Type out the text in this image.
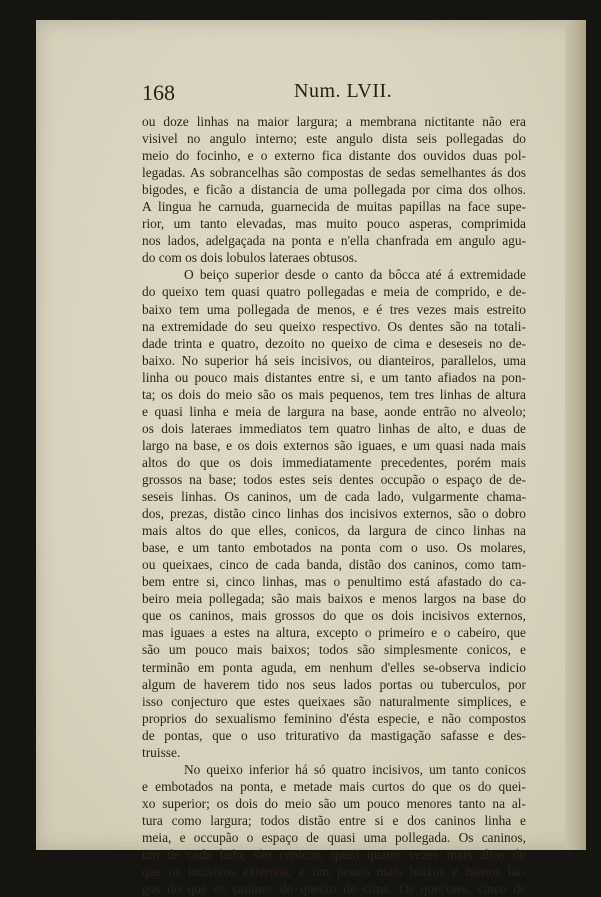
168	Num. LVII.
ou doze linhas na maior largura; a membrana nictitante não era
visivel no angulo interno; este angulo dista seis pollegadas do
meio do focinho, e o externo fica distante dos ouvidos duas pol-
legadas. As sobrancelhas são compostas de sedas semelhantes ás dos
bigodes, e ficão a distancia de uma pollegada por cima dos olhos.
A lingua he carnuda, guarnecida de muitas papillas na face supe-
rior, um tanto elevadas, mas muito pouco asperas, comprimida
nos lados, adelgaçada na ponta e n'ella chanfrada em angulo agu-
do com os dois lobulos lateraes obtusos.
O beiço superior desde o canto da bôcca até á extremidade
do queixo tem quasi quatro pollegadas e meia de comprido, e de-
baixo tem uma pollegada de menos, e é tres vezes mais estreito
na extremidade do seu queixo respectivo. Os dentes são na totali-
dade trinta e quatro, dezoito no queixo de cima e deseseis no de-
baixo. No superior há seis incisivos, ou dianteiros, parallelos, uma
linha ou pouco mais distantes entre si, e um tanto afiados na pon-
ta; os dois do meio são os mais pequenos, tem tres linhas de altura
e quasi linha e meia de largura na base, aonde entrão no alveolo;
os dois lateraes immediatos tem quatro linhas de alto, e duas de
largo na base, e os dois externos são iguaes, e um quasi nada mais
altos do que os dois immediatamente precedentes, porém mais
grossos na base; todos estes seis dentes occupão o espaço de de-
seseis linhas. Os caninos, um de cada lado, vulgarmente chama-
dos, prezas, distão cinco linhas dos incisivos externos, são o dobro
mais altos do que elles, conicos, da largura de cinco linhas na
base, e um tanto embotados na ponta com o uso. Os molares,
ou queixaes, cinco de cada banda, distão dos caninos, como tam-
bem entre si, cinco linhas, mas o penultimo está afastado do ca-
beiro meia pollegada; são mais baixos e menos largos na base do
que os caninos, mais grossos do que os dois incisivos externos,
mas iguaes a estes na altura, excepto o primeiro e o cabeiro, que
são um pouco mais baixos; todos são simplesmente conicos, e
terminão em ponta aguda, em nenhum d'elles se-observa indicio
algum de haverem tido nos seus lados portas ou tuberculos, por
isso conjecturo que estes queixaes são naturalmente simplices, e
proprios do sexualismo feminino d'ésta especie, e não compostos
de pontas, que o uso triturativo da mastigação safasse e des-
truisse.
No queixo inferior há só quatro incisivos, um tanto conicos
e embotados na ponta, e metade mais curtos do que os do quei-
xo superior; os dois do meio são um pouco menores tanto na al-
tura como largura; todos distão entre si e dos caninos linha e
meia, e occupão o espaço de quasi uma pollegada. Os caninos,
um de cada lado, são conicos, quasi quatro vezes mais altos do
que os incisivos externos, e um pouco mais baixos e menos lar-
gos do que os caninos do queixo de cima. Os queixaes, cinco de
